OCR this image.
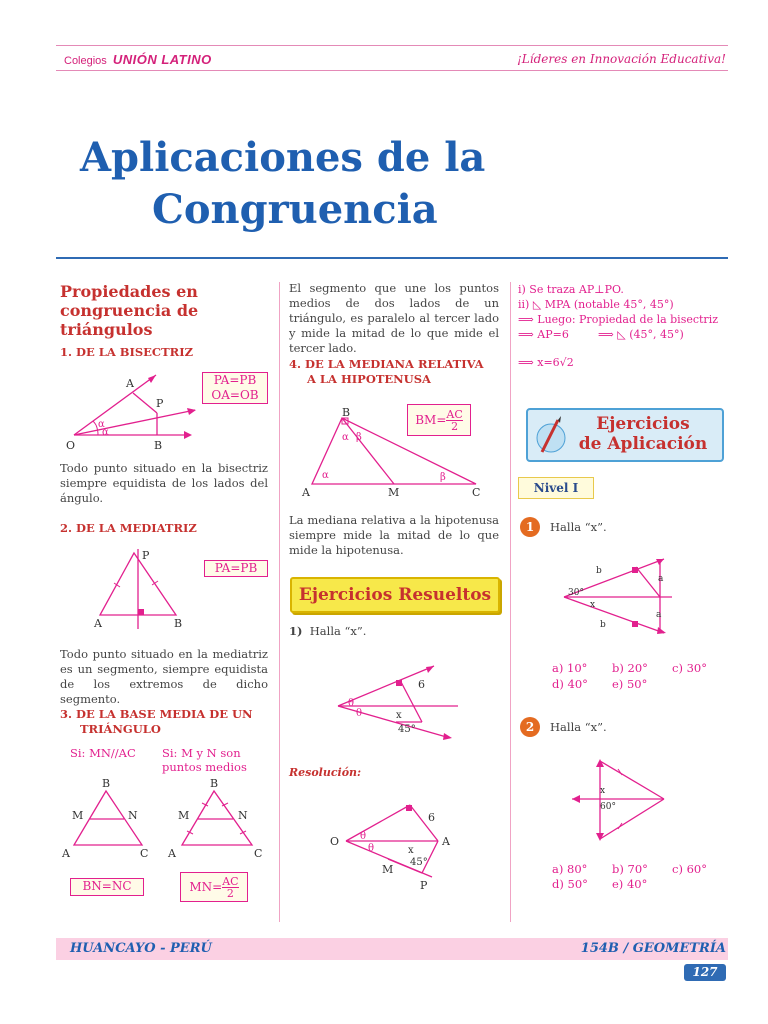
Colegios UNIÓN LATINO	¡Líderes en Innovación Educativa!
Aplicaciones de la
Congruencia
Propiedades en congruencia de triángulos
1. DE LA BISECTRIZ
O
A
P
B
α
α
PA=PB
OA=OB
Todo punto situado en la bisectriz siempre equidista de los lados del ángulo.
2. DE LA MEDIATRIZ
P
A	B
PA=PB
Todo punto situado en la mediatriz es un segmento, siempre equidista de los extremos de dicho segmento.
3. DE LA BASE MEDIA DE UN
TRIÁNGULO
Si: MN//AC Si: M y N son puntos medios
B
M	N
A	C
B
M	N
A	C
BN=NC	$MN= \frac{AC}{2}$
El segmento que une los puntos medios de dos lados de un triángulo, es paralelo al tercer lado y mide la mitad de lo que mide el tercer lado.
4. DE LA MEDIANA RELATIVA
A LA HIPOTENUSA
B
A	M	C
α β
α	β
$BM= \frac{AC}{2}$
La mediana relativa a la hipotenusa siempre mide la mitad de lo que mide la hipotenusa.
Ejercicios Resueltos
1) Halla “x”.
6
θ
θ	x
45°
Resolución:
O	A
M
P
6
θ
θ	x
45°
i) Se traza AP⊥PO.
ii) ◺ MPA (notable 45°, 45°)
⟹ Luego: Propiedad de la bisectriz
⟹ AP=6	⟹ ◺ (45°, 45°)
⟹ x=6√2
Ejercicios
de Aplicación
Nivel I
1	Halla “x”.
b
a
30°
x
a
b
a) 10° b) 20° c) 30°
d) 40° e) 50°
2	Halla “x”.
x
60°
a) 80° b) 70° c) 60°
d) 50° e) 40°
HUANCAYO - PERÚ	154B / GEOMETRÍA
127
